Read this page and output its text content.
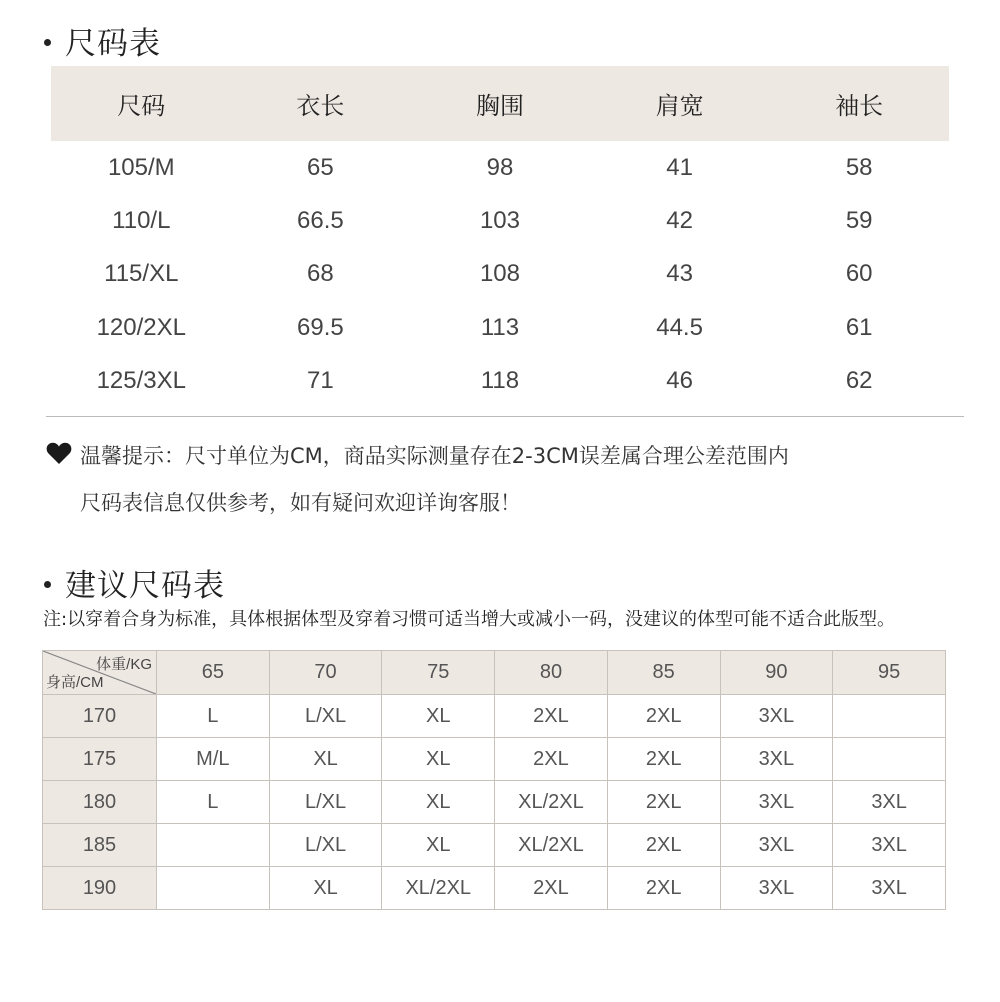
尺码表
尺码	衣长	胸围	肩宽	袖长
105/M	65	98	41	58
110/L	66.5	103	42	59
115/XL	68	108	43	60
120/2XL	69.5	113	44.5	61
125/3XL	71	118	46	62

温馨提示：尺寸单位为CM，商品实际测量存在2-3CM误差属合理公差范围内

尺码表信息仅供参考，如有疑问欢迎详询客服！

建议尺码表

注:以穿着合身为标准，具体根据体型及穿着习惯可适当增大或减小一码，没建议的体型可能不适合此版型。

体重/KG
身高/CM	65	70	75	80	85	90	95
170	L	L/XL	XL	2XL	2XL	3XL	
175	M/L	XL	XL	2XL	2XL	3XL	
180	L	L/XL	XL	XL/2XL	2XL	3XL	3XL
185		L/XL	XL	XL/2XL	2XL	3XL	3XL
190		XL	XL/2XL	2XL	2XL	3XL	3XL
